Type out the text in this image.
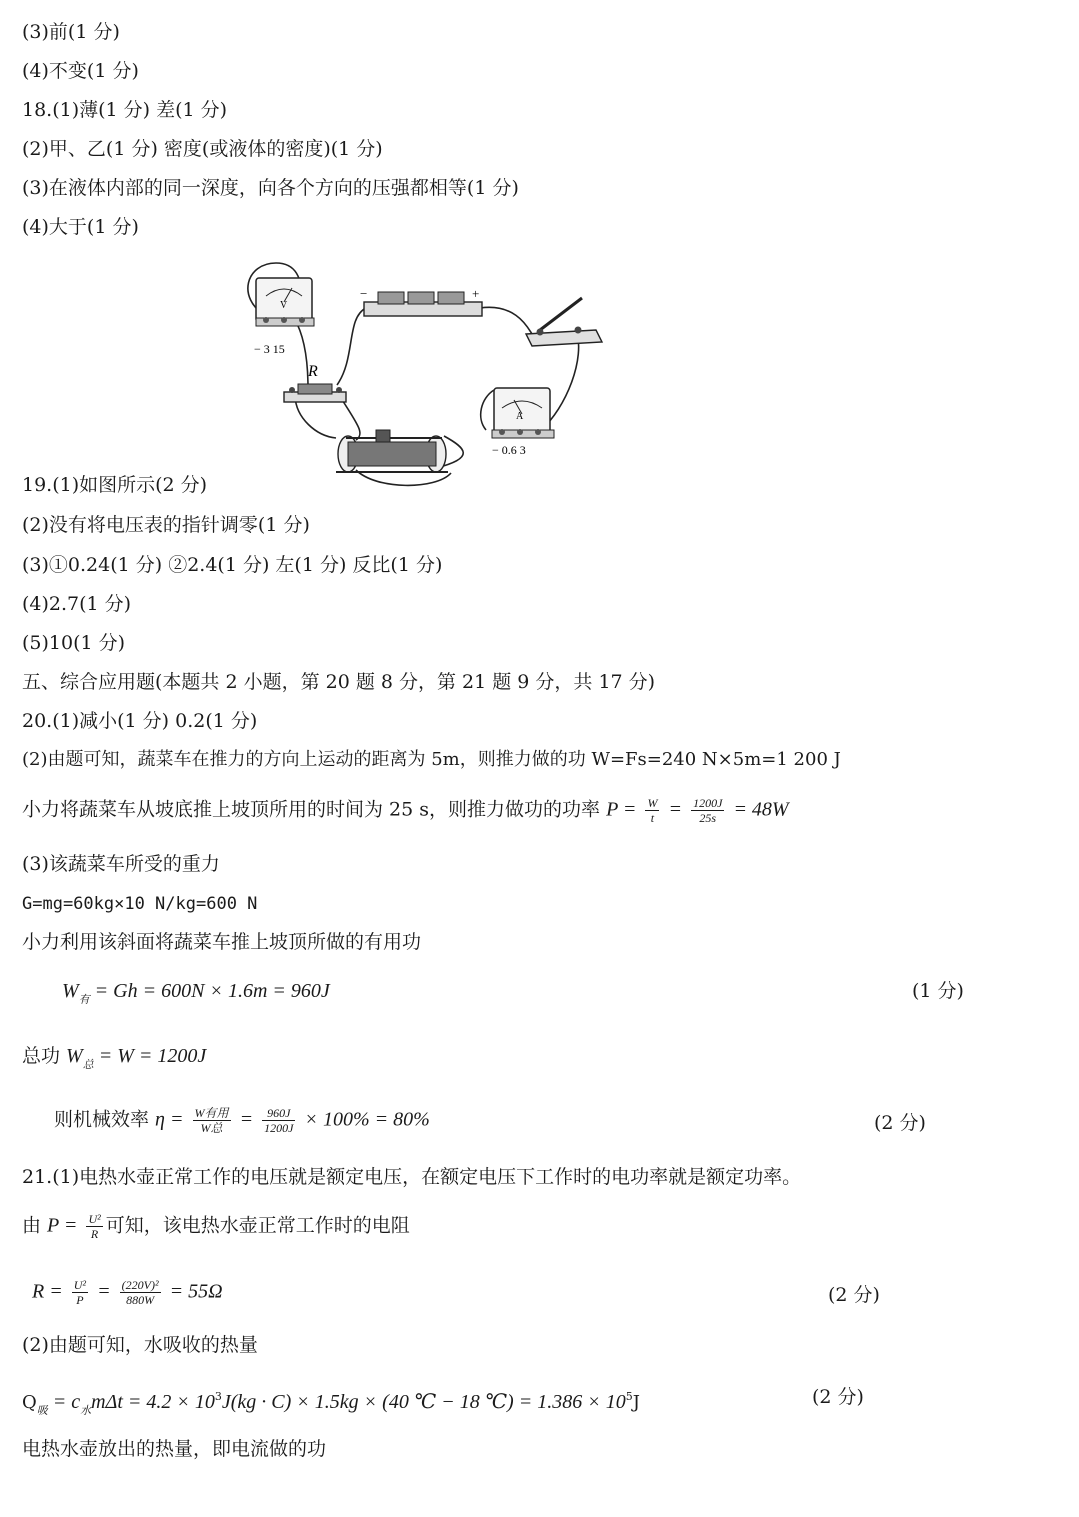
(3)前(1 分)
(4)不变(1 分)
18.(1)薄(1 分) 差(1 分)
(2)甲、乙(1 分) 密度(或液体的密度)(1 分)
(3)在液体内部的同一深度，向各个方向的压强都相等(1 分)
(4)大于(1 分)
V
− 3 15
−	+
R
A
− 0.6 3
19.(1)如图所示(2 分)
(2)没有将电压表的指针调零(1 分)
(3)①0.24(1 分) ②2.4(1 分) 左(1 分) 反比(1 分)
(4)2.7(1 分)
(5)10(1 分)
五、综合应用题(本题共 2 小题，第 20 题 8 分，第 21 题 9 分，共 17 分)
20.(1)减小(1 分) 0.2(1 分)
(2)由题可知，蔬菜车在推力的方向上运动的距离为 5m，则推力做的功 W=Fs=240 N×5m=1 200 J
小力将蔬菜车从坡底推上坡顶所用的时间为 25 s，则推力做功的功率 $P = \frac{W}{t} = \frac{1200J}{25s} = 48W$
(3)该蔬菜车所受的重力
G=mg=60kg×10 N/kg=600 N
小力利用该斜面将蔬菜车推上坡顶所做的有用功
$W_有 = Gh = 600N \times 1.6m = 960J$	(1 分)
总功 $W_总 = W = 1200J$
则机械效率 $\eta = \frac{\text{W有用}}{\text{W总}} = \frac{960J}{1200J} \times 100\% = 80\%$	(2 分)
21.(1)电热水壶正常工作的电压就是额定电压，在额定电压下工作时的电功率就是额定功率。
由 $P = \frac{\text{U²}}{R}$ 可知，该电热水壶正常工作时的电阻
$R = \frac{\text{U²}}{P} = \frac{\text{(220V)²}}{880W} = 55\Omega$	(2 分)
(2)由题可知，水吸收的热量
$Q_吸 = c_水m\Delta t = 4.2 \times 10^3J(kg \cdot C) \times 1.5kg \times (40$ ℃ − 18 ℃) = $1.386 \times 10^5J$	(2 分)
电热水壶放出的热量，即电流做的功
